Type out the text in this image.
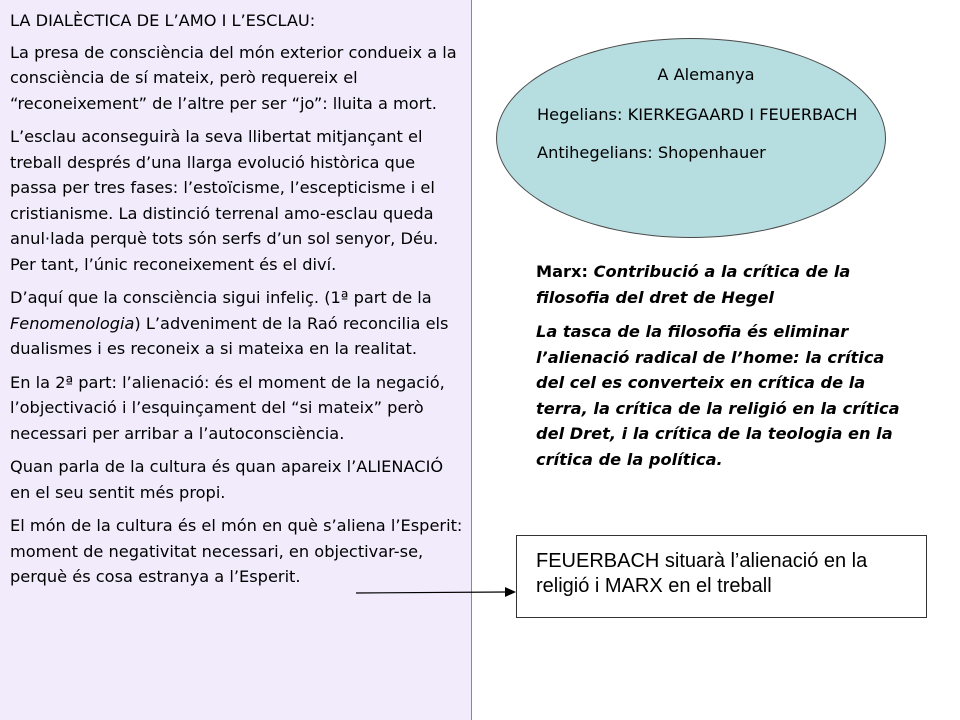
LA DIALÈCTICA DE L’AMO I L’ESCLAU:

La presa de consciència del món exterior condueix a la consciència de sí mateix, però requereix el “reconeixement” de l’altre per ser “jo”: lluita a mort.

L’esclau aconseguirà la seva llibertat mitjançant el treball després d’una llarga evolució històrica que passa per tres fases: l’estoïcisme, l’escepticisme i el cristianisme. La distinció terrenal amo-esclau queda anul·lada perquè tots són serfs d’un sol senyor, Déu. Per tant, l’únic reconeixement és el diví.

D’aquí que la consciència sigui infeliç. (1ª part de la Fenomenologia) L’adveniment de la Raó reconcilia els dualismes i es reconeix a si mateixa en la realitat.

En la 2ª part: l’alienació: és el moment de la negació, l’objectivació i l’esquinçament del “si mateix” però necessari per arribar a l’autoconsciència.

Quan parla de la cultura és quan apareix l’ALIENACIÓ en el seu sentit més propi.

El món de la cultura és el món en què s’aliena l’Esperit: moment de negativitat necessari, en objectivar-se, perquè és cosa estranya a l’Esperit.

A Alemanya
Hegelians: KIERKEGAARD I FEUERBACH
Antihegelians: Shopenhauer

Marx: Contribució a la crítica de la filosofia del dret de Hegel

La tasca de la filosofia és eliminar l’alienació radical de l’home: la crítica del cel es converteix en crítica de la terra, la crítica de la religió en la crítica del Dret, i la crítica de la teologia en la crítica de la política.

FEUERBACH situarà l’alienació en la religió i MARX en el treball
